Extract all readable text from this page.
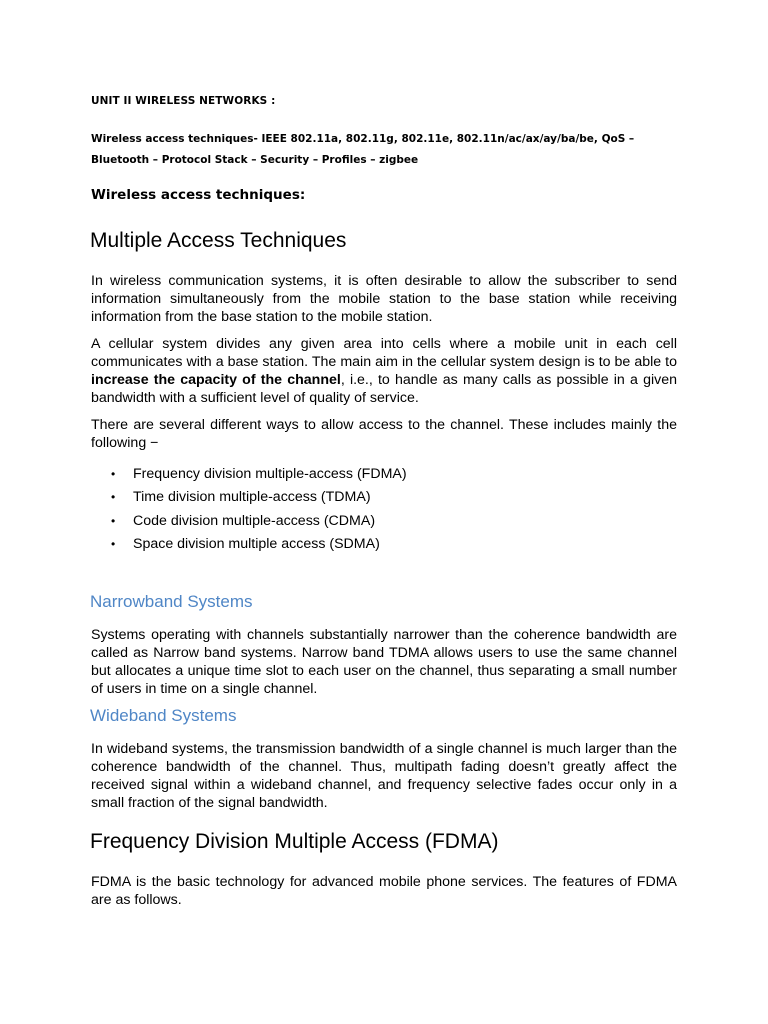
UNIT II WIRELESS NETWORKS :
Wireless access techniques- IEEE 802.11a, 802.11g, 802.11e, 802.11n/ac/ax/ay/ba/be, QoS – Bluetooth – Protocol Stack – Security – Profiles – zigbee
Wireless access techniques:
Multiple Access Techniques

In wireless communication systems, it is often desirable to allow the subscriber to send information simultaneously from the mobile station to the base station while receiving information from the base station to the mobile station.

A cellular system divides any given area into cells where a mobile unit in each cell communicates with a base station. The main aim in the cellular system design is to be able to increase the capacity of the channel, i.e., to handle as many calls as possible in a given bandwidth with a sufficient level of quality of service.

There are several different ways to allow access to the channel. These includes mainly the following −

• Frequency division multiple-access (FDMA)
• Time division multiple-access (TDMA)
• Code division multiple-access (CDMA)
• Space division multiple access (SDMA)
Narrowband Systems

Systems operating with channels substantially narrower than the coherence bandwidth are called as Narrow band systems. Narrow band TDMA allows users to use the same channel but allocates a unique time slot to each user on the channel, thus separating a small number of users in time on a single channel.

Wideband Systems

In wideband systems, the transmission bandwidth of a single channel is much larger than the coherence bandwidth of the channel. Thus, multipath fading doesn’t greatly affect the received signal within a wideband channel, and frequency selective fades occur only in a small fraction of the signal bandwidth.

Frequency Division Multiple Access (FDMA)

FDMA is the basic technology for advanced mobile phone services. The features of FDMA are as follows.
